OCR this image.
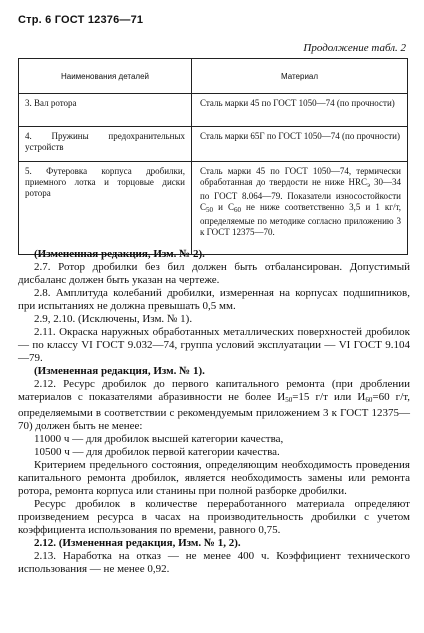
Стр. 6 ГОСТ 12376—71
Продолжение табл. 2
Наименования деталей	Материал
3. Вал ротора	Сталь марки 45 по ГОСТ 1050—74 (по прочности)
4. Пружины предохранительных устройств	Сталь марки 65Г по ГОСТ 1050—74 (по прочности)
5. Футеровка корпуса дробилки, приемного лотка и торцовые диски ротора	Сталь марки 45 по ГОСТ 1050—74, термически обработанная до твердости не ниже $HRC_э$ 30—34 по ГОСТ 8.064—79. Показатели износостойкости $С_{50}$ и $С_{60}$ не ниже соответственно 3,5 и 1 кг/т, определяемые по методике согласно приложению 3 к ГОСТ 12375—70.

(Измененная редакция, Изм. № 2).

2.7. Ротор дробилки без бил должен быть отбалансирован. Допустимый дисбаланс должен быть указан на чертеже.

2.8. Амплитуда колебаний дробилки, измеренная на корпусах подшипников, при испытаниях не должна превышать 0,5 мм.

2.9, 2.10. (Исключены, Изм. № 1).

2.11. Окраска наружных обработанных металлических поверхностей дробилок — по классу VI ГОСТ 9.032—74, группа условий эксплуатации — VI ГОСТ 9.104—79.

(Измененная редакция, Изм. № 1).

2.12. Ресурс дробилок до первого капитального ремонта (при дроблении материалов с показателями абразивности не более $И_{50}=15$ г/т или $И_{60}=60$ г/т, определяемыми в соответствии с рекомендуемым приложением 3 к ГОСТ 12375—70) должен быть не менее:

11000 ч — для дробилок высшей категории качества,

10500 ч — для дробилок первой категории качества.

Критерием предельного состояния, определяющим необходимость проведения капитального ремонта дробилок, является необходимость замены или ремонта ротора, ремонта корпуса или станины при полной разборке дробилки.

Ресурс дробилок в количестве переработанного материала определяют произведением ресурса в часах на производительность дробилки с учетом коэффициента использования по времени, равного 0,75.

2.12. (Измененная редакция, Изм. № 1, 2).

2.13. Наработка на отказ — не менее 400 ч. Коэффициент технического использования — не менее 0,92.
